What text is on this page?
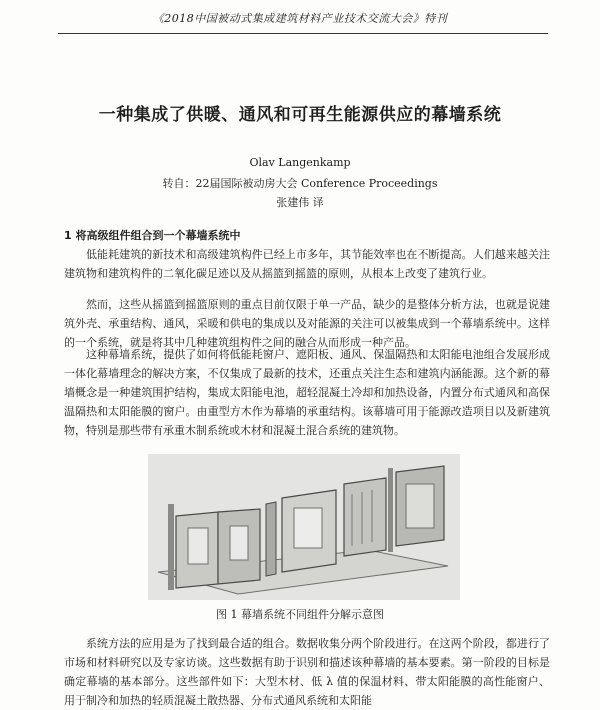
《2018中国被动式集成建筑材料产业技术交流大会》特刊
一种集成了供暖、通风和可再生能源供应的幕墙系统
Olav Langenkamp
转自：22届国际被动房大会 Conference Proceedings
张建伟 译
1 将高级组件组合到一个幕墙系统中

低能耗建筑的新技术和高级建筑构件已经上市多年，其节能效率也在不断提高。人们越来越关注建筑物和建筑构件的二氧化碳足迹以及从摇篮到摇篮的原则，从根本上改变了建筑行业。

然而，这些从摇篮到摇篮原则的重点目前仅限于单一产品，缺少的是整体分析方法，也就是说建筑外壳、承重结构、通风，采暖和供电的集成以及对能源的关注可以被集成到一个幕墙系统中。这样的一个系统，就是将其中几种建筑组构件之间的融合从而形成一种产品。

这种幕墙系统，提供了如何将低能耗窗户、遮阳板、通风、保温隔热和太阳能电池组合发展形成一体化幕墙理念的解决方案，不仅集成了最新的技术，还重点关注生态和建筑内涵能源。这个新的幕墙概念是一种建筑围护结构，集成太阳能电池，超轻混凝土冷却和加热设备，内置分布式通风和高保温隔热和太阳能膜的窗户。由重型方木作为幕墙的承重结构。该幕墙可用于能源改造项目以及新建筑物，特别是那些带有承重木制系统或木材和混凝土混合系统的建筑物。

图 1 幕墙系统不同组件分解示意图

系统方法的应用是为了找到最合适的组合。数据收集分两个阶段进行。在这两个阶段，都进行了市场和材料研究以及专家访谈。这些数据有助于识别和描述该种幕墙的基本要素。第一阶段的目标是确定幕墙的基本部分。这些部件如下：大型木材、低 λ 值的保温材料、带太阳能膜的高性能窗户、用于制冷和加热的轻质混凝土散热器、分布式通风系统和太阳能
